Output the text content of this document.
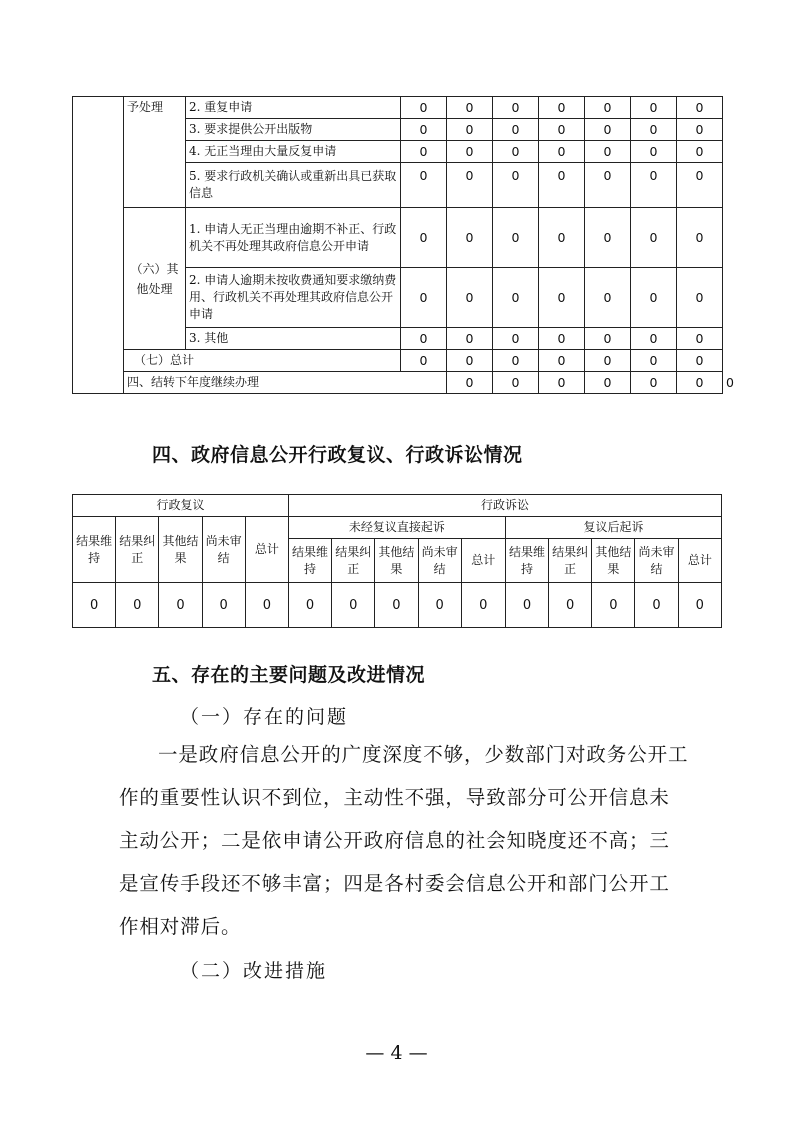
	予处理	2. 重复申请	0	0	0	0	0	0	0	
		3. 要求提供公开出版物	0	0	0	0	0	0	0	
		4. 无正当理由大量反复申请	0	0	0	0	0	0	0	
		5. 要求行政机关确认或重新出具已获取信息	0	0	0	0	0	0	0	
	（六）其他处理	1. 申请人无正当理由逾期不补正、行政机关不再处理其政府信息公开申请	0	0	0	0	0	0	0	
		2. 申请人逾期未按收费通知要求缴纳费用、行政机关不再处理其政府信息公开申请	0	0	0	0	0	0	0	
		3. 其他	0	0	0	0	0	0	0	
	（七）总计		0	0	0	0	0	0	0	
	四、结转下年度继续办理			0	0	0	0	0	0	0
四、政府信息公开行政复议、行政诉讼情况
行政复议					行政诉讼									
结果维持	结果纠正	其他结果	尚未审结	总计	未经复议直接起诉					复议后起诉				
					结果维持	结果纠正	其他结果	尚未审结	总计	结果维持	结果纠正	其他结果	尚未审结	总计
0	0	0	0	0	0	0	0	0	0	0	0	0	0	0
五、存在的主要问题及改进情况
（一）存在的问题

一是政府信息公开的广度深度不够，少数部门对政务公开工作的重要性认识不到位，主动性不强，导致部分可公开信息未主动公开；二是依申请公开政府信息的社会知晓度还不高；三是宣传手段还不够丰富；四是各村委会信息公开和部门公开工作相对滞后。

（二）改进措施
— 4 —
